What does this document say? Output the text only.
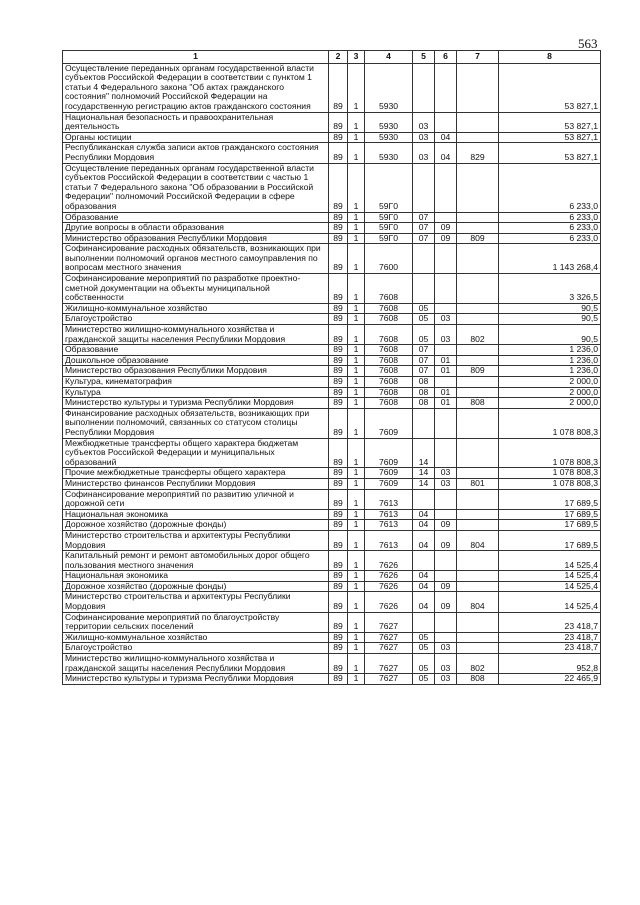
563
1	2	3	4	5	6	7	8
Осуществление переданных органам государственной власти субъектов Российской Федерации в соответствии с пунктом 1 статьи 4 Федерального закона "Об актах гражданского состояния" полномочий Российской Федерации на государственную регистрацию актов гражданского состояния	89	1	5930				53 827,1
Национальная безопасность и правоохранительная деятельность	89	1	5930	03			53 827,1
Органы юстиции	89	1	5930	03	04		53 827,1
Республиканская служба записи актов гражданского состояния Республики Мордовия	89	1	5930	03	04	829	53 827,1
Осуществление переданных органам государственной власти субъектов Российской Федерации в соответствии с частью 1 статьи 7 Федерального закона "Об образовании в Российской Федерации" полномочий Российской Федерации в сфере образования	89	1	59Г0				6 233,0
Образование	89	1	59Г0	07			6 233,0
Другие вопросы в области образования	89	1	59Г0	07	09		6 233,0
Министерство образования Республики Мордовия	89	1	59Г0	07	09	809	6 233,0
Софинансирование расходных обязательств, возникающих при выполнении полномочий органов местного самоуправления по вопросам местного значения	89	1	7600				1 143 268,4
Софинансирование мероприятий по разработке проектно-сметной документации на объекты муниципальной собственности	89	1	7608				3 326,5
Жилищно-коммунальное хозяйство	89	1	7608	05			90,5
Благоустройство	89	1	7608	05	03		90,5
Министерство жилищно-коммунального хозяйства и гражданской защиты населения Республики Мордовия	89	1	7608	05	03	802	90,5
Образование	89	1	7608	07			1 236,0
Дошкольное образование	89	1	7608	07	01		1 236,0
Министерство образования Республики Мордовия	89	1	7608	07	01	809	1 236,0
Культура, кинематография	89	1	7608	08			2 000,0
Культура	89	1	7608	08	01		2 000,0
Министерство культуры и туризма Республики Мордовия	89	1	7608	08	01	808	2 000,0
Финансирование расходных обязательств, возникающих при выполнении полномочий, связанных со статусом столицы Республики Мордовия	89	1	7609				1 078 808,3
Межбюджетные трансферты общего характера бюджетам субъектов Российской Федерации и муниципальных образований	89	1	7609	14			1 078 808,3
Прочие межбюджетные трансферты общего характера	89	1	7609	14	03		1 078 808,3
Министерство финансов Республики Мордовия	89	1	7609	14	03	801	1 078 808,3
Софинансирование мероприятий по развитию уличной и дорожной сети	89	1	7613				17 689,5
Национальная экономика	89	1	7613	04			17 689,5
Дорожное хозяйство (дорожные фонды)	89	1	7613	04	09		17 689,5
Министерство строительства и архитектуры Республики Мордовия	89	1	7613	04	09	804	17 689,5
Капитальный ремонт и ремонт автомобильных дорог общего пользования местного значения	89	1	7626				14 525,4
Национальная экономика	89	1	7626	04			14 525,4
Дорожное хозяйство (дорожные фонды)	89	1	7626	04	09		14 525,4
Министерство строительства и архитектуры Республики Мордовия	89	1	7626	04	09	804	14 525,4
Софинансирование мероприятий по благоустройству территории сельских поселений	89	1	7627				23 418,7
Жилищно-коммунальное хозяйство	89	1	7627	05			23 418,7
Благоустройство	89	1	7627	05	03		23 418,7
Министерство жилищно-коммунального хозяйства и гражданской защиты населения Республики Мордовия	89	1	7627	05	03	802	952,8
Министерство культуры и туризма Республики Мордовия	89	1	7627	05	03	808	22 465,9
